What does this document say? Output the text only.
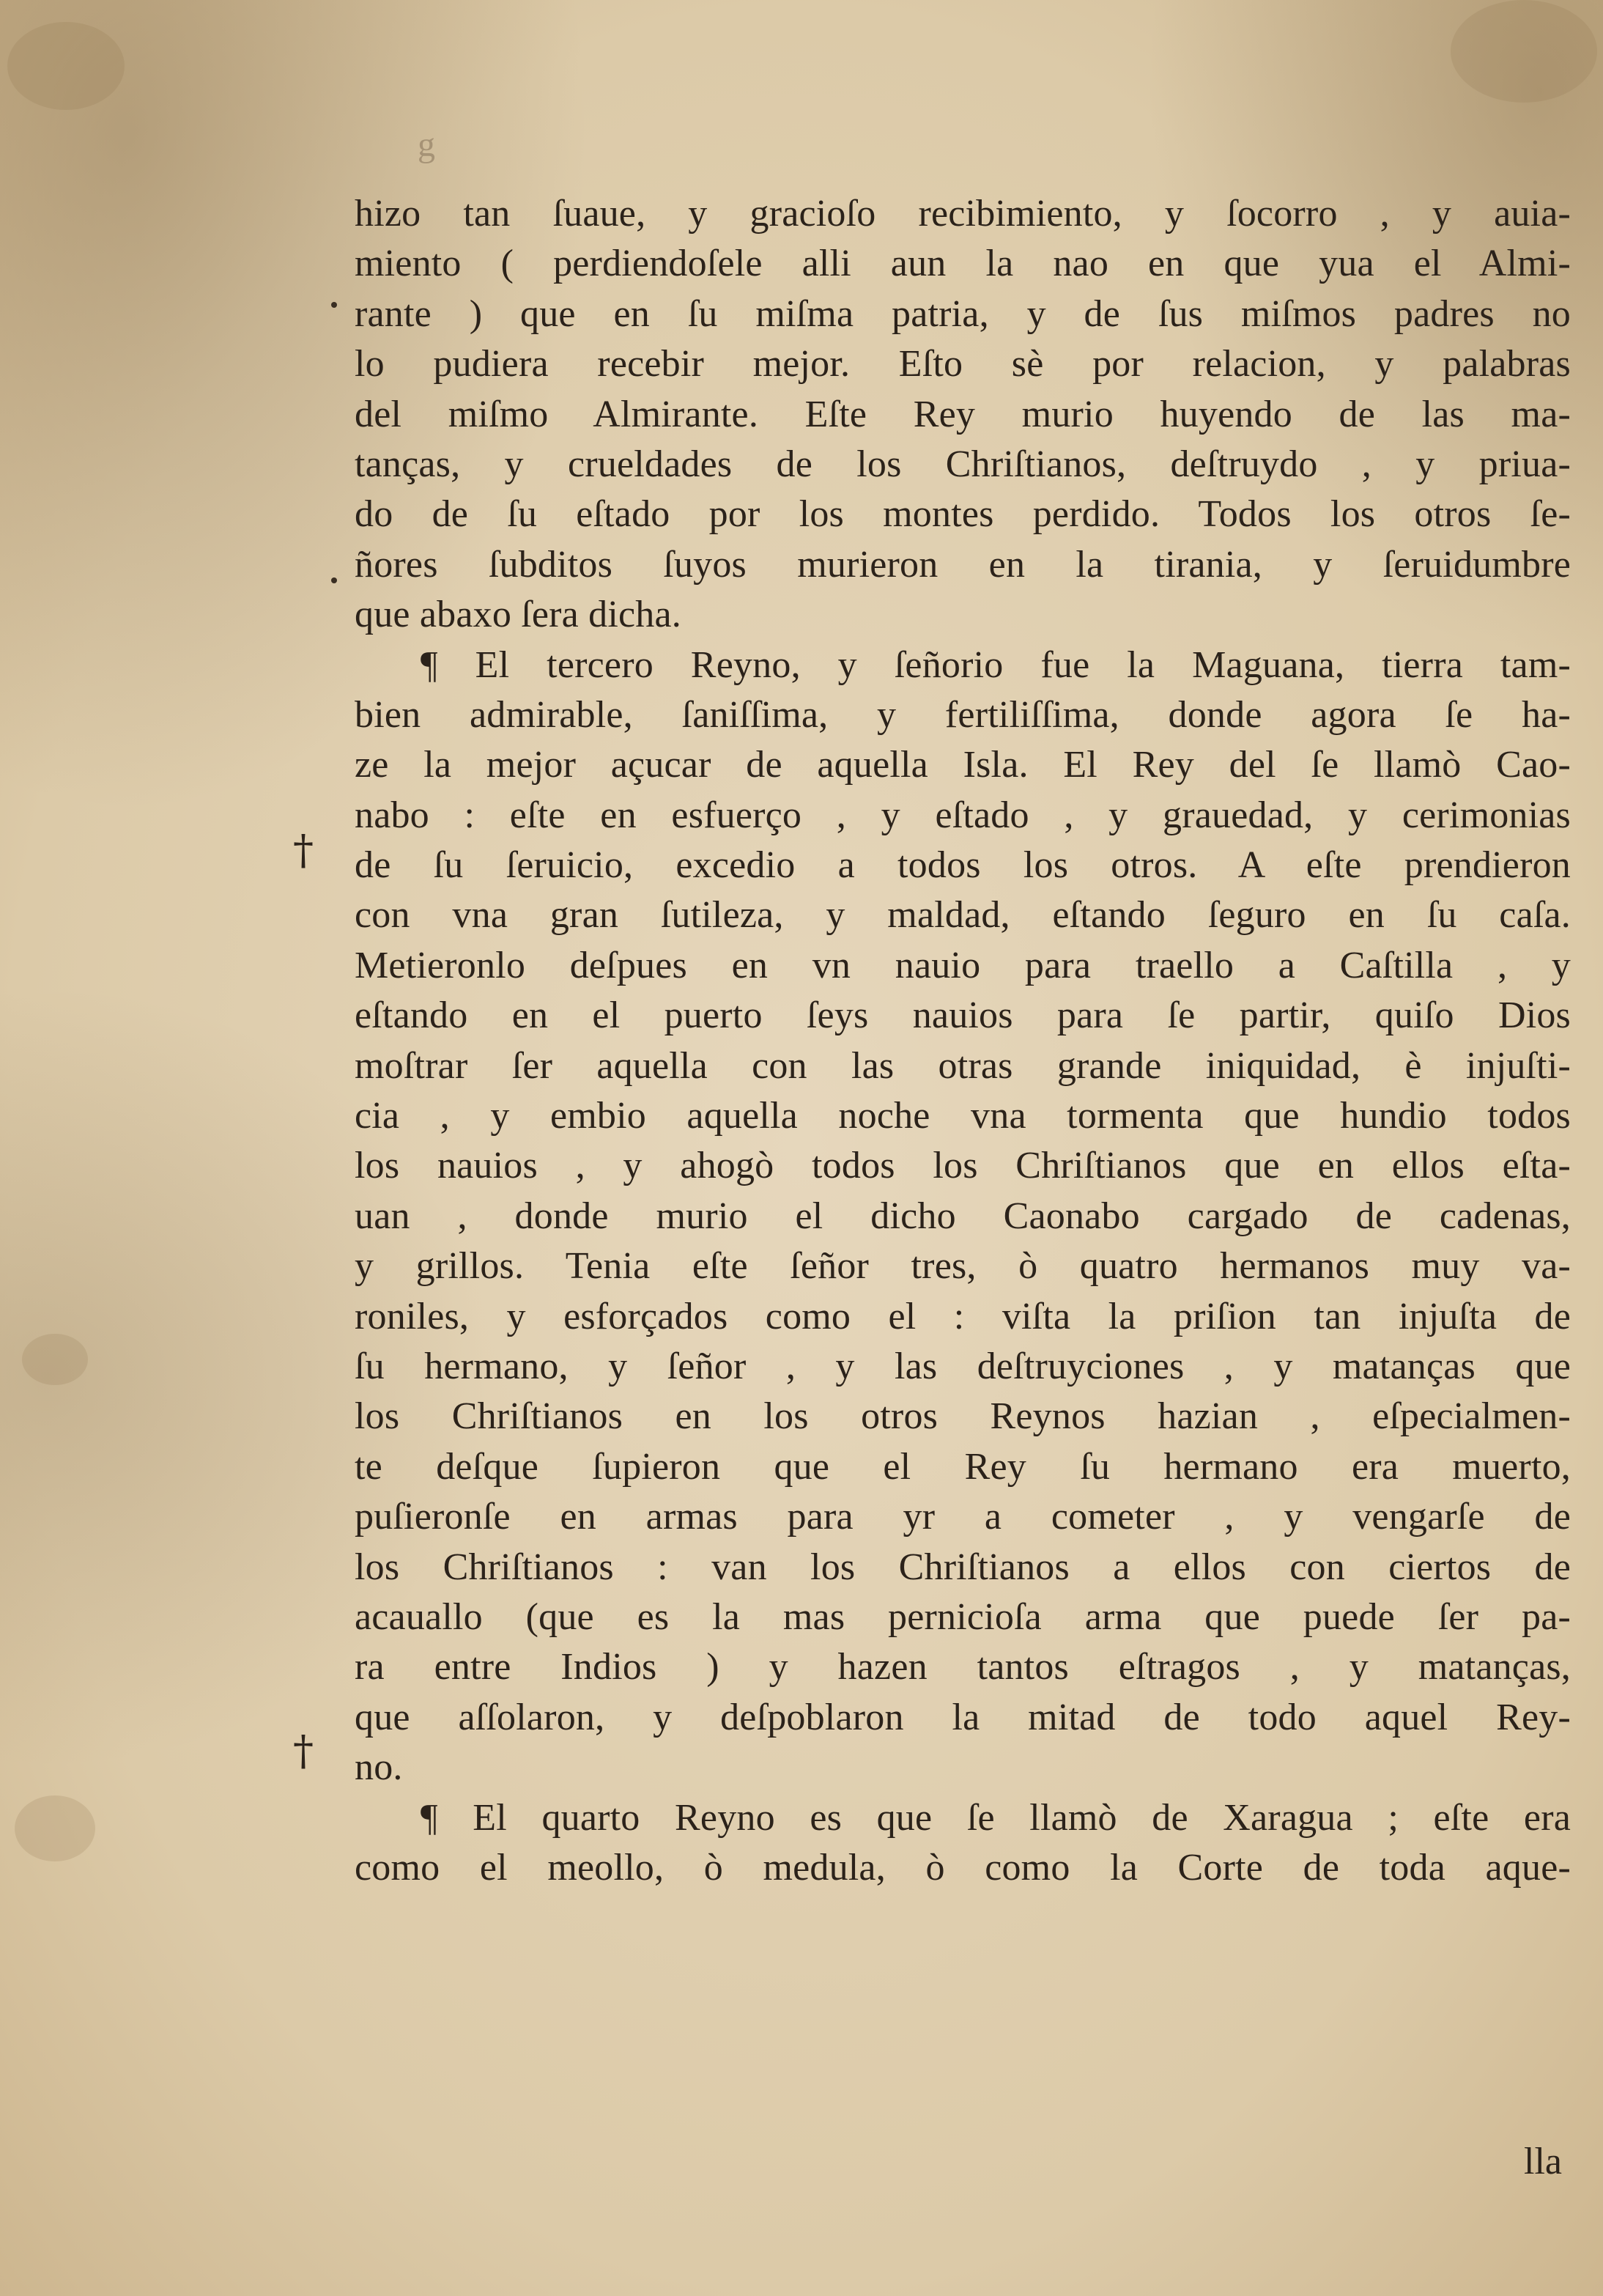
g
†
†
hizo tan ſuaue, y gracioſo recibimiento, y ſocorro , y auia-
miento ( perdiendoſele alli aun la nao en que yua el Almi-
rante ) que en ſu miſma patria, y de ſus miſmos padres no
lo pudiera recebir mejor. Eſto sè por relacion, y palabras
del miſmo Almirante. Eſte Rey murio huyendo de las ma-
tanças, y crueldades de los Chriſtianos, deſtruydo , y priua-
do de ſu eſtado por los montes perdido. Todos los otros ſe-
ñores ſubditos ſuyos murieron en la tirania, y ſeruidumbre
que abaxo ſera dicha.
¶ El tercero Reyno, y ſeñorio fue la Maguana, tierra tam-
bien admirable, ſaniſſima, y fertiliſſima, donde agora ſe ha-
ze la mejor açucar de aquella Isla. El Rey del ſe llamò Cao-
nabo : eſte en esfuerço , y eſtado , y grauedad, y cerimonias
de ſu ſeruicio, excedio a todos los otros. A eſte prendieron
con vna gran ſutileza, y maldad, eſtando ſeguro en ſu caſa.
Metieronlo deſpues en vn nauio para traello a Caſtilla , y
eſtando en el puerto ſeys nauios para ſe partir, quiſo Dios
moſtrar ſer aquella con las otras grande iniquidad, è injuſti-
cia , y embio aquella noche vna tormenta que hundio todos
los nauios , y ahogò todos los Chriſtianos que en ellos eſta-
uan , donde murio el dicho Caonabo cargado de cadenas,
y grillos. Tenia eſte ſeñor tres, ò quatro hermanos muy va-
roniles, y esforçados como el : viſta la priſion tan injuſta de
ſu hermano, y ſeñor , y las deſtruyciones , y matanças que
los Chriſtianos en los otros Reynos hazian , eſpecialmen-
te deſque ſupieron que el Rey ſu hermano era muerto,
puſieronſe en armas para yr a cometer , y vengarſe de
los Chriſtianos : van los Chriſtianos a ellos con ciertos de
acauallo (que es la mas pernicioſa arma que puede ſer pa-
ra entre Indios ) y hazen tantos eſtragos , y matanças,
que aſſolaron, y deſpoblaron la mitad de todo aquel Rey-
no.
¶ El quarto Reyno es que ſe llamò de Xaragua ; eſte era
como el meollo, ò medula, ò como la Corte de toda aque-
lla
